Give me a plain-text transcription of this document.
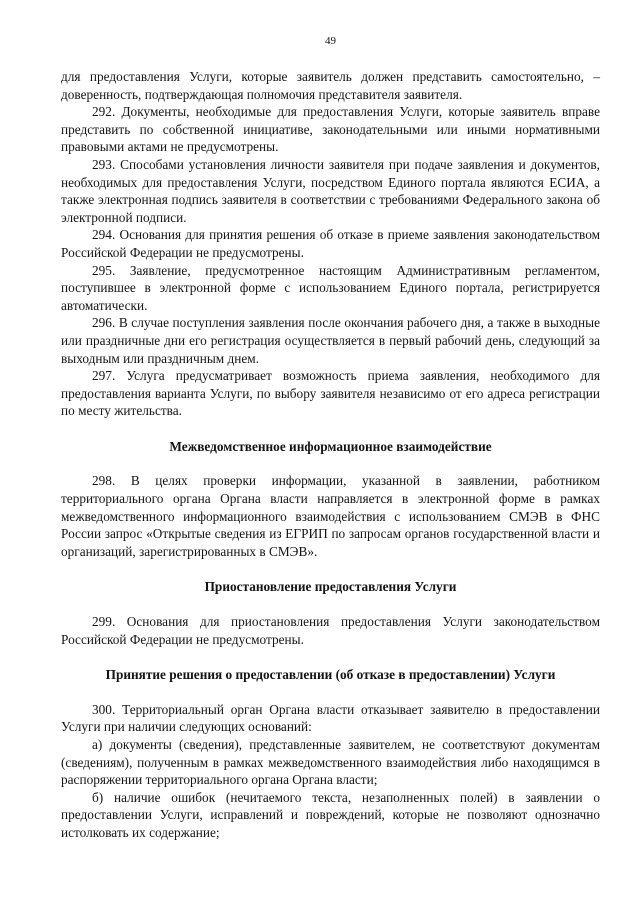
49

для предоставления Услуги, которые заявитель должен представить самостоятельно, – доверенность, подтверждающая полномочия представителя заявителя.

292. Документы, необходимые для предоставления Услуги, которые заявитель вправе представить по собственной инициативе, законодательными или иными нормативными правовыми актами не предусмотрены.

293. Способами установления личности заявителя при подаче заявления и документов, необходимых для предоставления Услуги, посредством Единого портала являются ЕСИА, а также электронная подпись заявителя в соответствии с требованиями Федерального закона об электронной подписи.

294. Основания для принятия решения об отказе в приеме заявления законодательством Российской Федерации не предусмотрены.

295. Заявление, предусмотренное настоящим Административным регламентом, поступившее в электронной форме с использованием Единого портала, регистрируется автоматически.

296. В случае поступления заявления после окончания рабочего дня, а также в выходные или праздничные дни его регистрация осуществляется в первый рабочий день, следующий за выходным или праздничным днем.

297. Услуга предусматривает возможность приема заявления, необходимого для предоставления варианта Услуги, по выбору заявителя независимо от его адреса регистрации по месту жительства.

Межведомственное информационное взаимодействие

298. В целях проверки информации, указанной в заявлении, работником территориального органа Органа власти направляется в электронной форме в рамках межведомственного информационного взаимодействия с использованием СМЭВ в ФНС России запрос «Открытые сведения из ЕГРИП по запросам органов государственной власти и организаций, зарегистрированных в СМЭВ».

Приостановление предоставления Услуги

299. Основания для приостановления предоставления Услуги законодательством Российской Федерации не предусмотрены.

Принятие решения о предоставлении (об отказе в предоставлении) Услуги

300. Территориальный орган Органа власти отказывает заявителю в предоставлении Услуги при наличии следующих оснований:

а) документы (сведения), представленные заявителем, не соответствуют документам (сведениям), полученным в рамках межведомственного взаимодействия либо находящимся в распоряжении территориального органа Органа власти;

б) наличие ошибок (нечитаемого текста, незаполненных полей) в заявлении о предоставлении Услуги, исправлений и повреждений, которые не позволяют однозначно истолковать их содержание;
